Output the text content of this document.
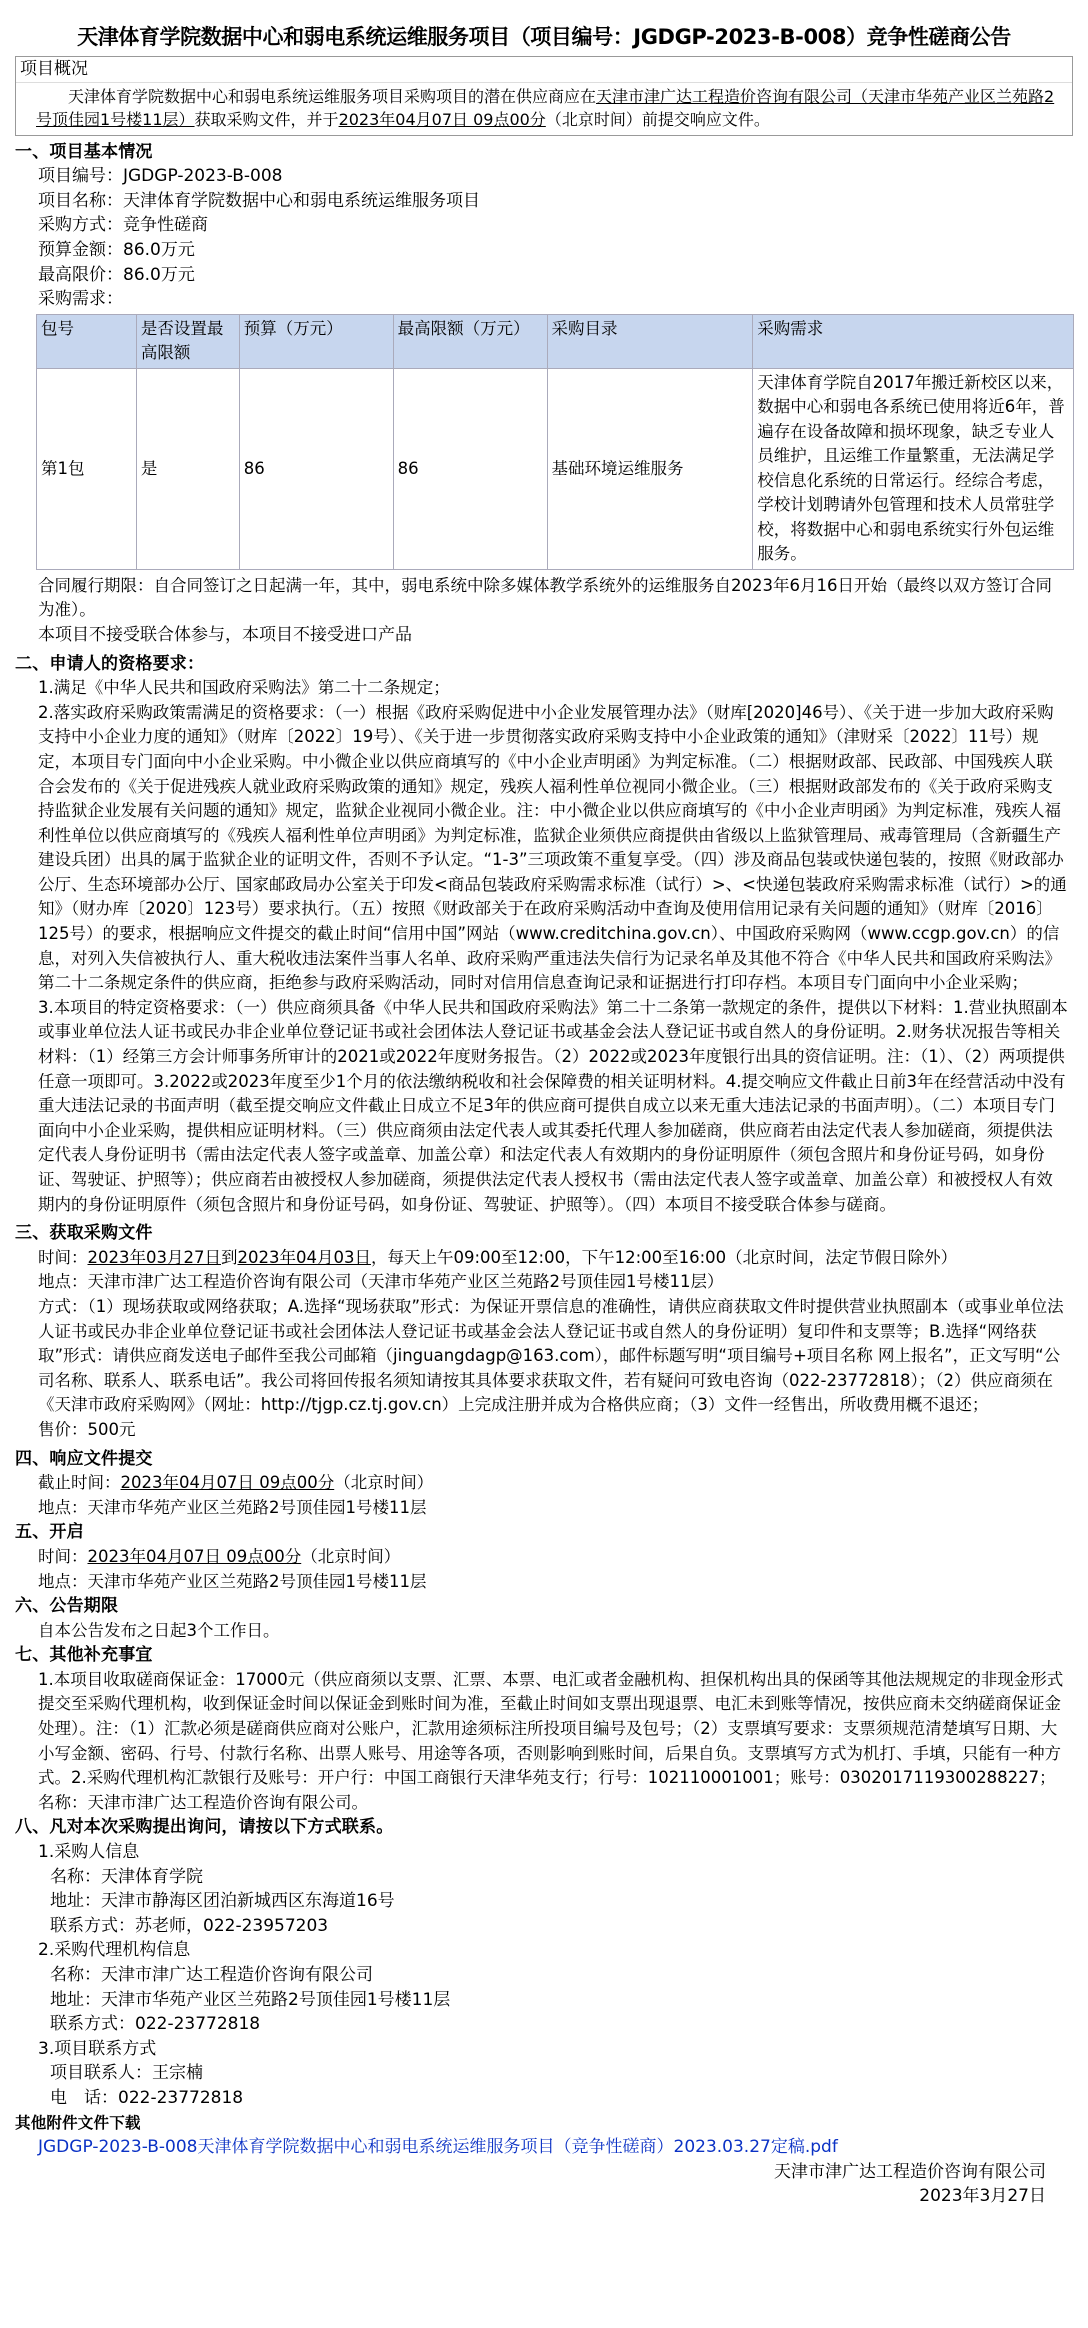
天津体育学院数据中心和弱电系统运维服务项目（项目编号：JGDGP-2023-B-008）竞争性磋商公告
项目概况
天津体育学院数据中心和弱电系统运维服务项目采购项目的潜在供应商应在天津市津广达工程造价咨询有限公司（天津市华苑产业区兰苑路2号顶佳园1号楼11层）获取采购文件，并于2023年04月07日 09点00分（北京时间）前提交响应文件。
一、项目基本情况
项目编号：JGDGP-2023-B-008
项目名称：天津体育学院数据中心和弱电系统运维服务项目
采购方式：竞争性磋商
预算金额：86.0万元
最高限价：86.0万元
采购需求：
包号	是否设置最高限额	预算（万元）	最高限额（万元）	采购目录	采购需求
第1包	是	86	86	基础环境运维服务	天津体育学院自2017年搬迁新校区以来，数据中心和弱电各系统已使用将近6年，普遍存在设备故障和损坏现象，缺乏专业人员维护，且运维工作量繁重，无法满足学校信息化系统的日常运行。经综合考虑，学校计划聘请外包管理和技术人员常驻学校，将数据中心和弱电系统实行外包运维服务。
合同履行期限：自合同签订之日起满一年，其中，弱电系统中除多媒体教学系统外的运维服务自2023年6月16日开始（最终以双方签订合同为准）。
本项目不接受联合体参与，本项目不接受进口产品
二、申请人的资格要求：
1.满足《中华人民共和国政府采购法》第二十二条规定；
2.落实政府采购政策需满足的资格要求：（一）根据《政府采购促进中小企业发展管理办法》（财库[2020]46号）、《关于进一步加大政府采购支持中小企业力度的通知》（财库〔2022〕19号）、《关于进一步贯彻落实政府采购支持中小企业政策的通知》（津财采〔2022〕11号）规定，本项目专门面向中小企业采购。中小微企业以供应商填写的《中小企业声明函》为判定标准。（二）根据财政部、民政部、中国残疾人联合会发布的《关于促进残疾人就业政府采购政策的通知》规定，残疾人福利性单位视同小微企业。（三）根据财政部发布的《关于政府采购支持监狱企业发展有关问题的通知》规定，监狱企业视同小微企业。注：中小微企业以供应商填写的《中小企业声明函》为判定标准，残疾人福利性单位以供应商填写的《残疾人福利性单位声明函》为判定标准，监狱企业须供应商提供由省级以上监狱管理局、戒毒管理局（含新疆生产建设兵团）出具的属于监狱企业的证明文件，否则不予认定。“1-3”三项政策不重复享受。（四）涉及商品包装或快递包装的，按照《财政部办公厅、生态环境部办公厅、国家邮政局办公室关于印发<商品包装政府采购需求标准（试行）>、<快递包装政府采购需求标准（试行）>的通知》（财办库〔2020〕123号）要求执行。（五）按照《财政部关于在政府采购活动中查询及使用信用记录有关问题的通知》（财库〔2016〕125号）的要求，根据响应文件提交的截止时间“信用中国”网站（www.creditchina.gov.cn）、中国政府采购网（www.ccgp.gov.cn）的信息，对列入失信被执行人、重大税收违法案件当事人名单、政府采购严重违法失信行为记录名单及其他不符合《中华人民共和国政府采购法》第二十二条规定条件的供应商，拒绝参与政府采购活动，同时对信用信息查询记录和证据进行打印存档。本项目专门面向中小企业采购；
3.本项目的特定资格要求：（一）供应商须具备《中华人民共和国政府采购法》第二十二条第一款规定的条件，提供以下材料：1.营业执照副本或事业单位法人证书或民办非企业单位登记证书或社会团体法人登记证书或基金会法人登记证书或自然人的身份证明。2.财务状况报告等相关材料：（1）经第三方会计师事务所审计的2021或2022年度财务报告。（2）2022或2023年度银行出具的资信证明。注：（1）、（2）两项提供任意一项即可。3.2022或2023年度至少1个月的依法缴纳税收和社会保障费的相关证明材料。4.提交响应文件截止日前3年在经营活动中没有重大违法记录的书面声明（截至提交响应文件截止日成立不足3年的供应商可提供自成立以来无重大违法记录的书面声明）。（二）本项目专门面向中小企业采购，提供相应证明材料。（三）供应商须由法定代表人或其委托代理人参加磋商，供应商若由法定代表人参加磋商，须提供法定代表人身份证明书（需由法定代表人签字或盖章、加盖公章）和法定代表人有效期内的身份证明原件（须包含照片和身份证号码，如身份证、驾驶证、护照等）；供应商若由被授权人参加磋商，须提供法定代表人授权书（需由法定代表人签字或盖章、加盖公章）和被授权人有效期内的身份证明原件（须包含照片和身份证号码，如身份证、驾驶证、护照等）。（四）本项目不接受联合体参与磋商。
三、获取采购文件
时间：2023年03月27日到2023年04月03日，每天上午09:00至12:00，下午12:00至16:00（北京时间，法定节假日除外）
地点：天津市津广达工程造价咨询有限公司（天津市华苑产业区兰苑路2号顶佳园1号楼11层）
方式：（1）现场获取或网络获取；A.选择“现场获取”形式：为保证开票信息的准确性，请供应商获取文件时提供营业执照副本（或事业单位法人证书或民办非企业单位登记证书或社会团体法人登记证书或基金会法人登记证书或自然人的身份证明）复印件和支票等；B.选择“网络获取”形式：请供应商发送电子邮件至我公司邮箱（jinguangdagp@163.com），邮件标题写明“项目编号+项目名称 网上报名”，正文写明“公司名称、联系人、联系电话”。我公司将回传报名须知请按其具体要求获取文件，若有疑问可致电咨询（022-23772818）；（2）供应商须在《天津市政府采购网》（网址：http://tjgp.cz.tj.gov.cn）上完成注册并成为合格供应商；（3）文件一经售出，所收费用概不退还；
售价：500元
四、响应文件提交
截止时间：2023年04月07日 09点00分（北京时间）
地点：天津市华苑产业区兰苑路2号顶佳园1号楼11层
五、开启
时间：2023年04月07日 09点00分（北京时间）
地点：天津市华苑产业区兰苑路2号顶佳园1号楼11层
六、公告期限
自本公告发布之日起3个工作日。
七、其他补充事宜
1.本项目收取磋商保证金：17000元（供应商须以支票、汇票、本票、电汇或者金融机构、担保机构出具的保函等其他法规规定的非现金形式提交至采购代理机构，收到保证金时间以保证金到账时间为准，至截止时间如支票出现退票、电汇未到账等情况，按供应商未交纳磋商保证金处理）。注：（1）汇款必须是磋商供应商对公账户，汇款用途须标注所投项目编号及包号；（2）支票填写要求：支票须规范清楚填写日期、大小写金额、密码、行号、付款行名称、出票人账号、用途等各项，否则影响到账时间，后果自负。支票填写方式为机打、手填，只能有一种方式。2.采购代理机构汇款银行及账号：开户行：中国工商银行天津华苑支行；行号：102110001001；账号：0302017119300288227；名称：天津市津广达工程造价咨询有限公司。
八、凡对本次采购提出询问，请按以下方式联系。
1.采购人信息
名称：天津体育学院
地址：天津市静海区团泊新城西区东海道16号
联系方式：苏老师，022-23957203
2.采购代理机构信息
名称：天津市津广达工程造价咨询有限公司
地址：天津市华苑产业区兰苑路2号顶佳园1号楼11层
联系方式：022-23772818
3.项目联系方式
项目联系人：王宗楠
电　话：022-23772818
其他附件文件下载
JGDGP-2023-B-008天津体育学院数据中心和弱电系统运维服务项目（竞争性磋商）2023.03.27定稿.pdf
天津市津广达工程造价咨询有限公司
2023年3月27日
